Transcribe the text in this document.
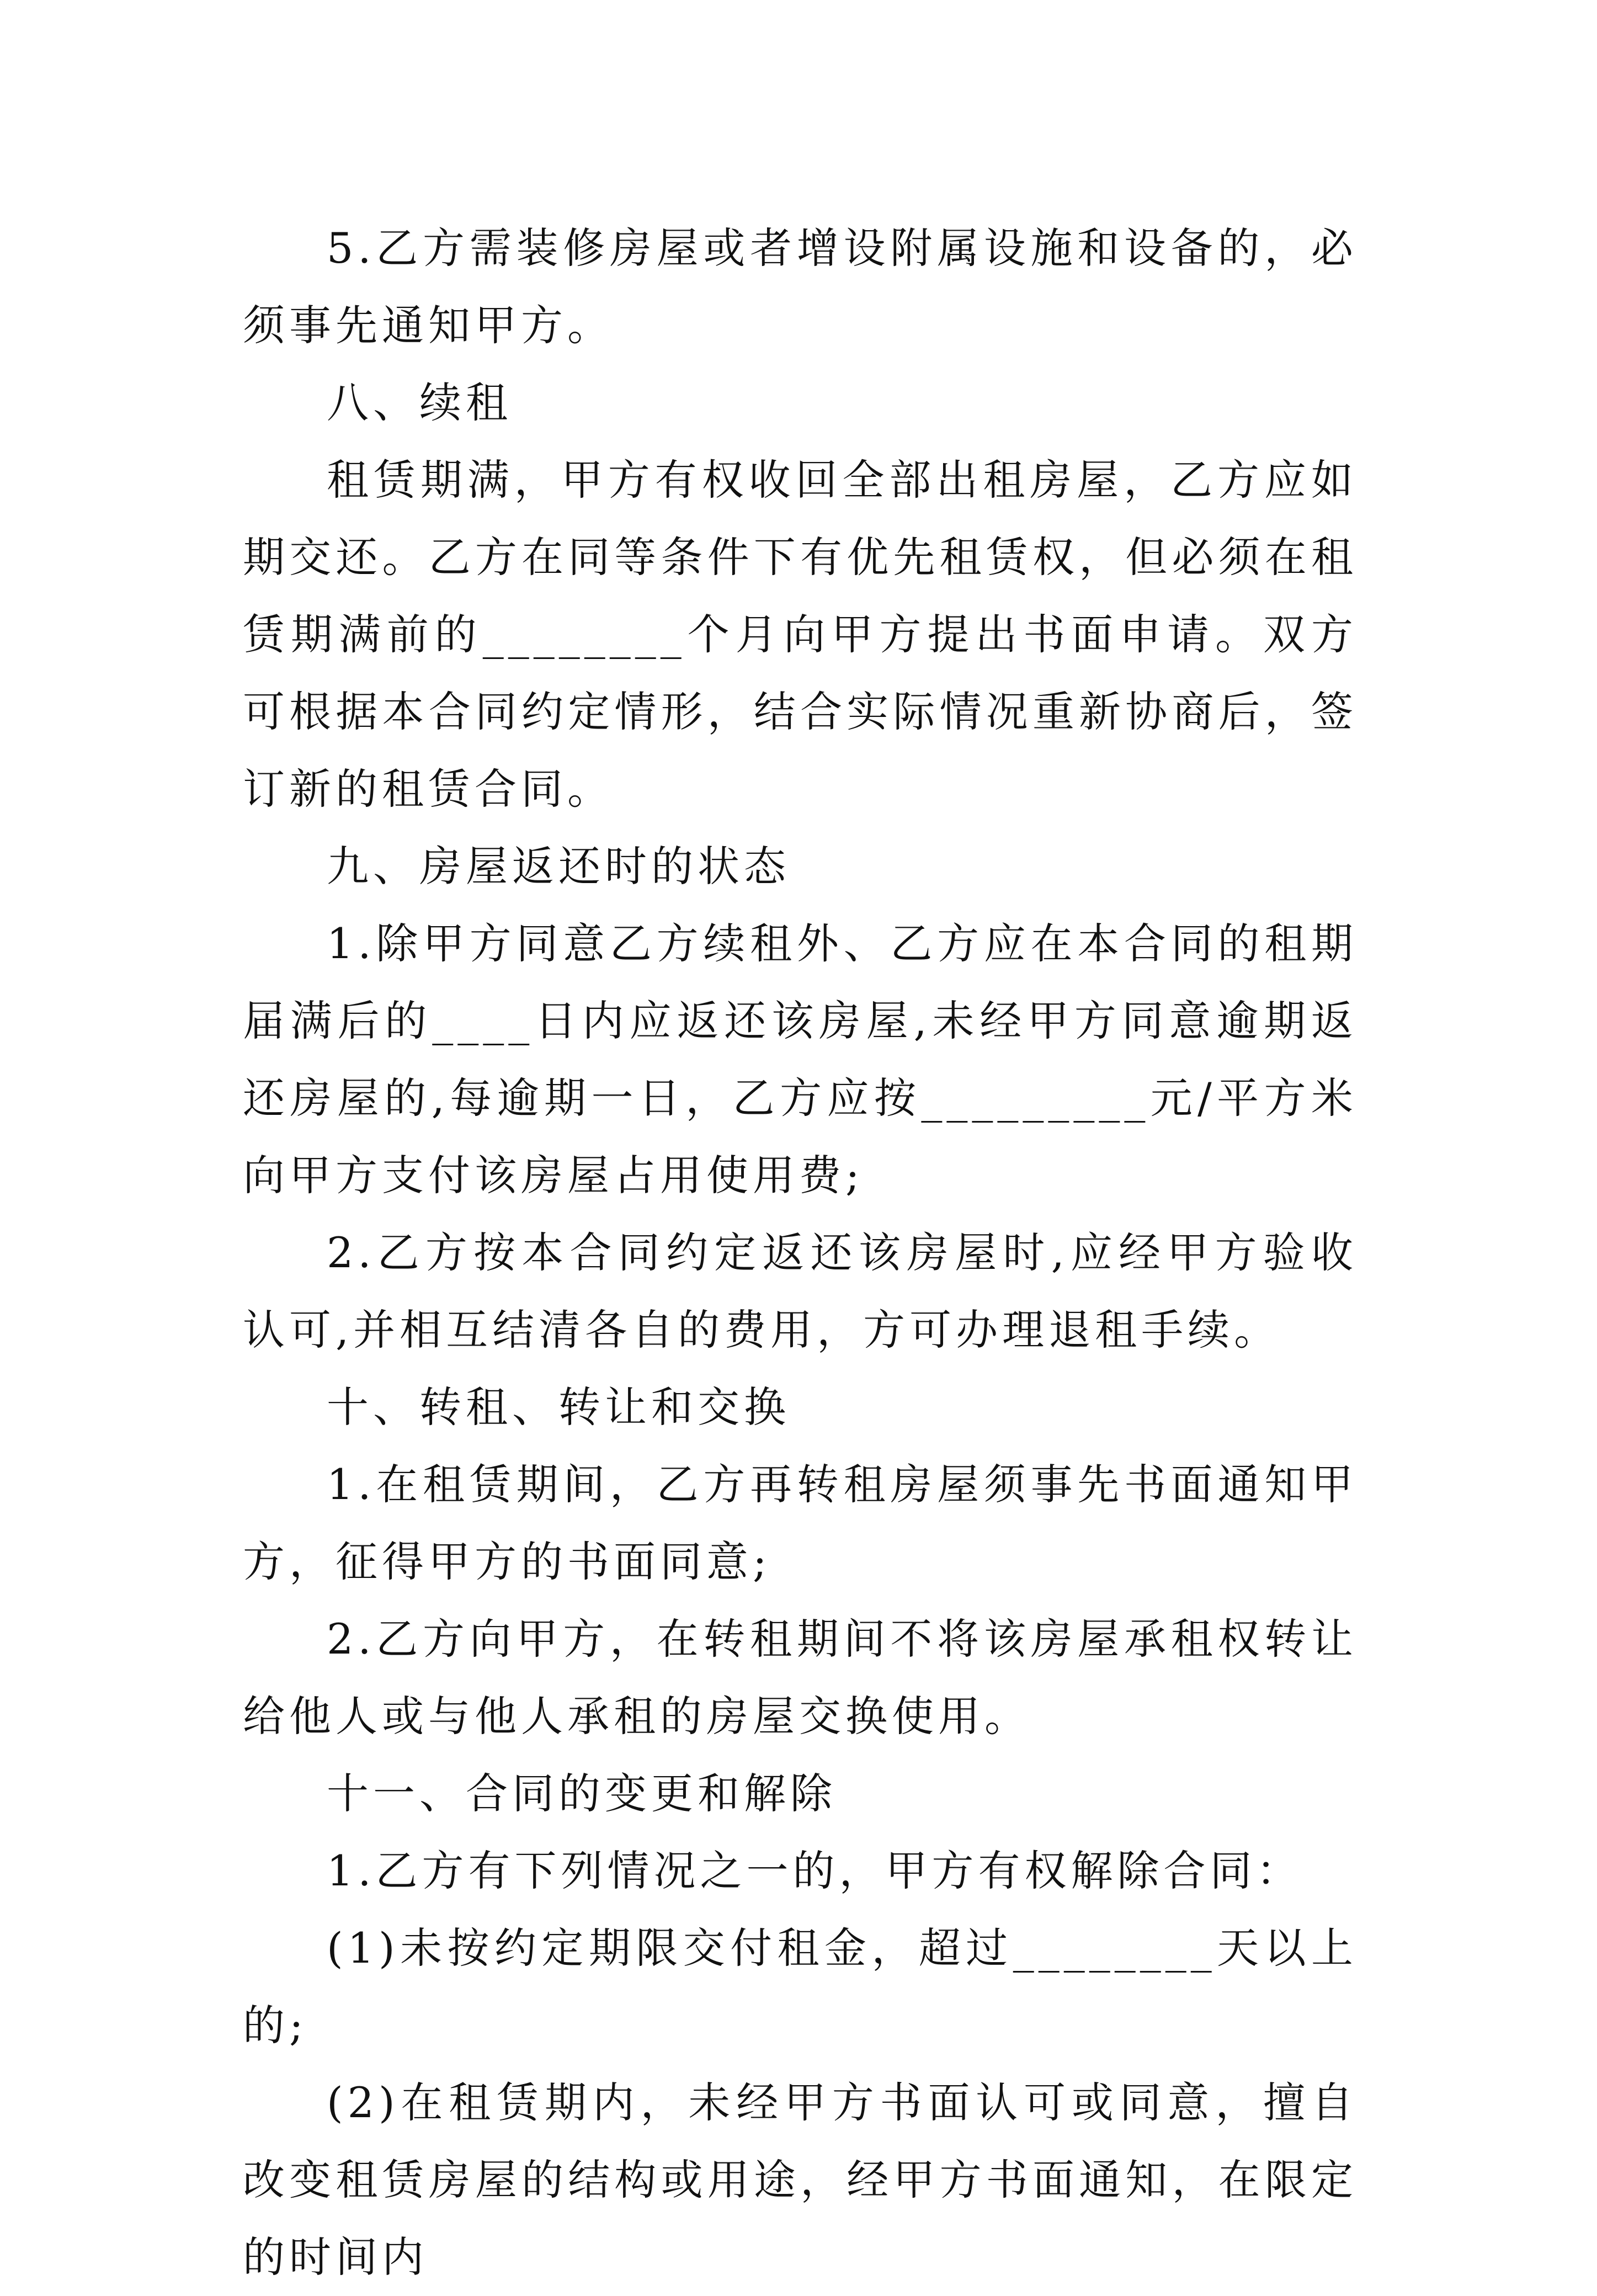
5.乙方需装修房屋或者增设附属设施和设备的，必须事先通知甲方。

八、续租

租赁期满，甲方有权收回全部出租房屋，乙方应如期交还。乙方在同等条件下有优先租赁权，但必须在租赁期满前的________个月向甲方提出书面申请。双方可根据本合同约定情形，结合实际情况重新协商后，签订新的租赁合同。

九、房屋返还时的状态

1.除甲方同意乙方续租外、乙方应在本合同的租期届满后的____日内应返还该房屋,未经甲方同意逾期返还房屋的,每逾期一日，乙方应按_________元/平方米向甲方支付该房屋占用使用费;

2.乙方按本合同约定返还该房屋时,应经甲方验收认可,并相互结清各自的费用，方可办理退租手续。

十、转租、转让和交换

1.在租赁期间，乙方再转租房屋须事先书面通知甲方，征得甲方的书面同意;

2.乙方向甲方，在转租期间不将该房屋承租权转让给他人或与他人承租的房屋交换使用。

十一、合同的变更和解除

1.乙方有下列情况之一的，甲方有权解除合同：

(1)未按约定期限交付租金，超过________天以上的;

(2)在租赁期内，未经甲方书面认可或同意，擅自改变租赁房屋的结构或用途，经甲方书面通知，在限定的时间内
